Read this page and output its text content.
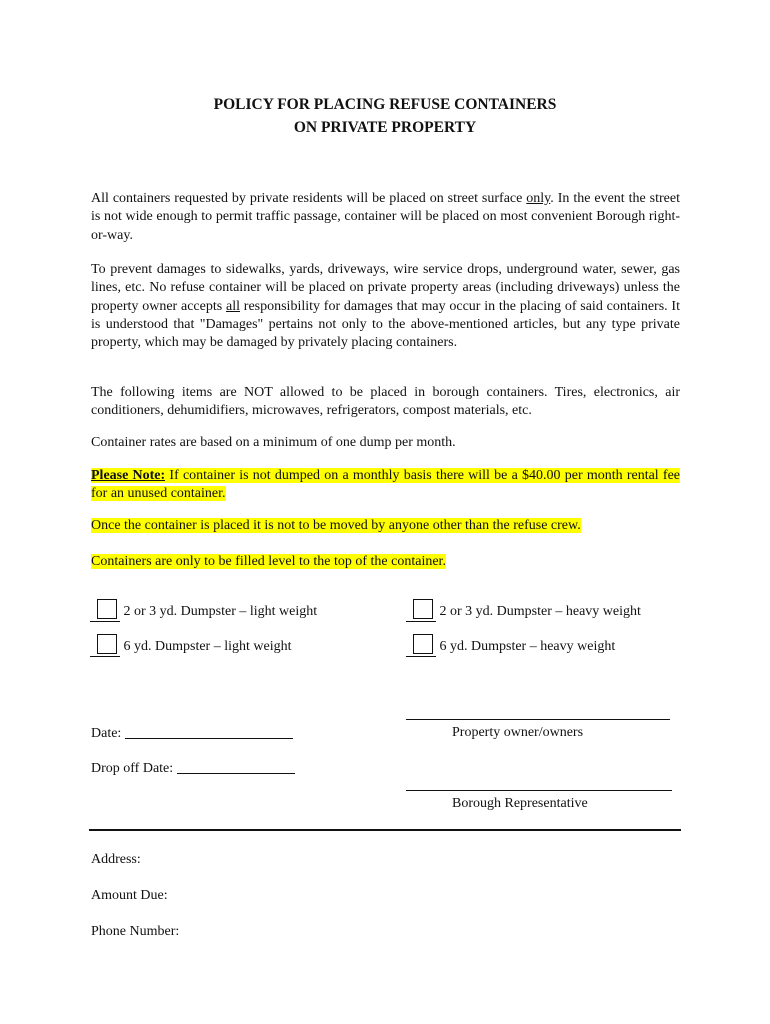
POLICY FOR PLACING REFUSE CONTAINERS
ON PRIVATE PROPERTY
All containers requested by private residents will be placed on street surface only. In the event the street is not wide enough to permit traffic passage, container will be placed on most convenient Borough right-or-way.
To prevent damages to sidewalks, yards, driveways, wire service drops, underground water, sewer, gas lines, etc. No refuse container will be placed on private property areas (including driveways) unless the property owner accepts all responsibility for damages that may occur in the placing of said containers. It is understood that "Damages" pertains not only to the above-mentioned articles, but any type private property, which may be damaged by privately placing containers.
The following items are NOT allowed to be placed in borough containers. Tires, electronics, air conditioners, dehumidifiers, microwaves, refrigerators, compost materials, etc.
Container rates are based on a minimum of one dump per month.
Please Note: If container is not dumped on a monthly basis there will be a $40.00 per month rental fee for an unused container.
Once the container is placed it is not to be moved by anyone other than the refuse crew.
Containers are only to be filled level to the top of the container.
2 or 3 yd. Dumpster – light weight	2 or 3 yd. Dumpster – heavy weight
6 yd. Dumpster – light weight	6 yd. Dumpster – heavy weight
Property owner/owners
Date:
Drop off Date:
Borough Representative
Address:
Amount Due:
Phone Number:
